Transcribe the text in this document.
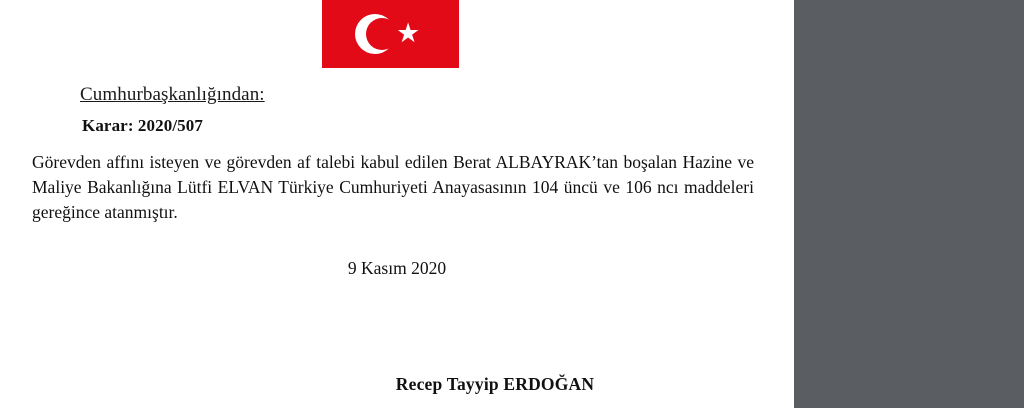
★
Cumhurbaşkanlığından:
Karar: 2020/507
Görevden affını isteyen ve görevden af talebi kabul edilen Berat ALBAYRAK’tan boşalan Hazine ve Maliye Bakanlığına Lütfi ELVAN Türkiye Cumhuriyeti Anayasasının 104 üncü ve 106 ncı maddeleri gereğince atanmıştır.
9 Kasım 2020
Recep Tayyip ERDOĞAN
